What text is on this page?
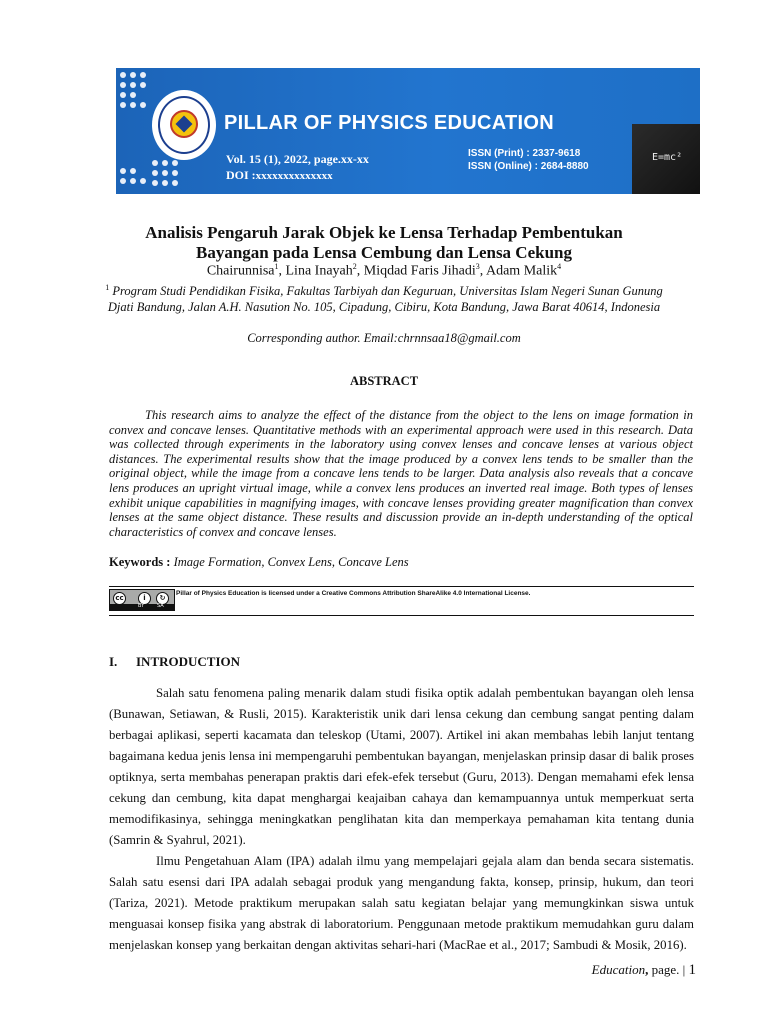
PILLAR OF PHYSICS EDUCATION
Vol. 15 (1), 2022, page.xx-xx
DOI :xxxxxxxxxxxxxx
ISSN (Print) : 2337-9618
ISSN (Online) : 2684-8880
E=mc²
Analisis Pengaruh Jarak Objek ke Lensa Terhadap Pembentukan
Bayangan pada Lensa Cembung dan Lensa Cekung
Chairunnisa$^1$, Lina Inayah$^2$, Miqdad Faris Jihadi$^3$, Adam Malik$^4$
$^1$ Program Studi Pendidikan Fisika, Fakultas Tarbiyah dan Keguruan, Universitas Islam Negeri Sunan Gunung
Djati Bandung, Jalan A.H. Nasution No. 105, Cipadung, Cibiru, Kota Bandung, Jawa Barat 40614, Indonesia
Corresponding author. Email:chrnnsaa18@gmail.com
ABSTRACT

This research aims to analyze the effect of the distance from the object to the lens on image formation in convex and concave lenses. Quantitative methods with an experimental approach were used in this research. Data was collected through experiments in the laboratory using convex lenses and concave lenses at various object distances. The experimental results show that the image produced by a convex lens tends to be smaller than the original object, while the image from a concave lens tends to be larger. Data analysis also reveals that a concave lens produces an upright virtual image, while a convex lens produces an inverted real image. Both types of lenses exhibit unique capabilities in magnifying images, with concave lenses providing greater magnification than convex lenses at the same object distance. These results and discussion provide an in-depth understanding of the optical characteristics of convex and concave lenses.

Keywords : Image Formation, Convex Lens, Concave Lens
cc	i	↻
BY	SA
Pillar of Physics Education is licensed under a Creative Commons Attribution ShareAlike 4.0 International License.
I. INTRODUCTION

Salah satu fenomena paling menarik dalam studi fisika optik adalah pembentukan bayangan oleh lensa (Bunawan, Setiawan, & Rusli, 2015). Karakteristik unik dari lensa cekung dan cembung sangat penting dalam berbagai aplikasi, seperti kacamata dan teleskop (Utami, 2007). Artikel ini akan membahas lebih lanjut tentang bagaimana kedua jenis lensa ini mempengaruhi pembentukan bayangan, menjelaskan prinsip dasar di balik proses optiknya, serta membahas penerapan praktis dari efek-efek tersebut (Guru, 2013). Dengan memahami efek lensa cekung dan cembung, kita dapat menghargai keajaiban cahaya dan kemampuannya untuk memperkuat serta memodifikasinya, sehingga meningkatkan penglihatan kita dan memperkaya pemahaman kita tentang dunia (Samrin & Syahrul, 2021).

Ilmu Pengetahuan Alam (IPA) adalah ilmu yang mempelajari gejala alam dan benda secara sistematis. Salah satu esensi dari IPA adalah sebagai produk yang mengandung fakta, konsep, prinsip, hukum, dan teori (Tariza, 2021). Metode praktikum merupakan salah satu kegiatan belajar yang memungkinkan siswa untuk menguasai konsep fisika yang abstrak di laboratorium. Penggunaan metode praktikum memudahkan guru dalam menjelaskan konsep yang berkaitan dengan aktivitas sehari-hari (MacRae et al., 2017; Sambudi & Mosik, 2016).

Education, page. | 1
